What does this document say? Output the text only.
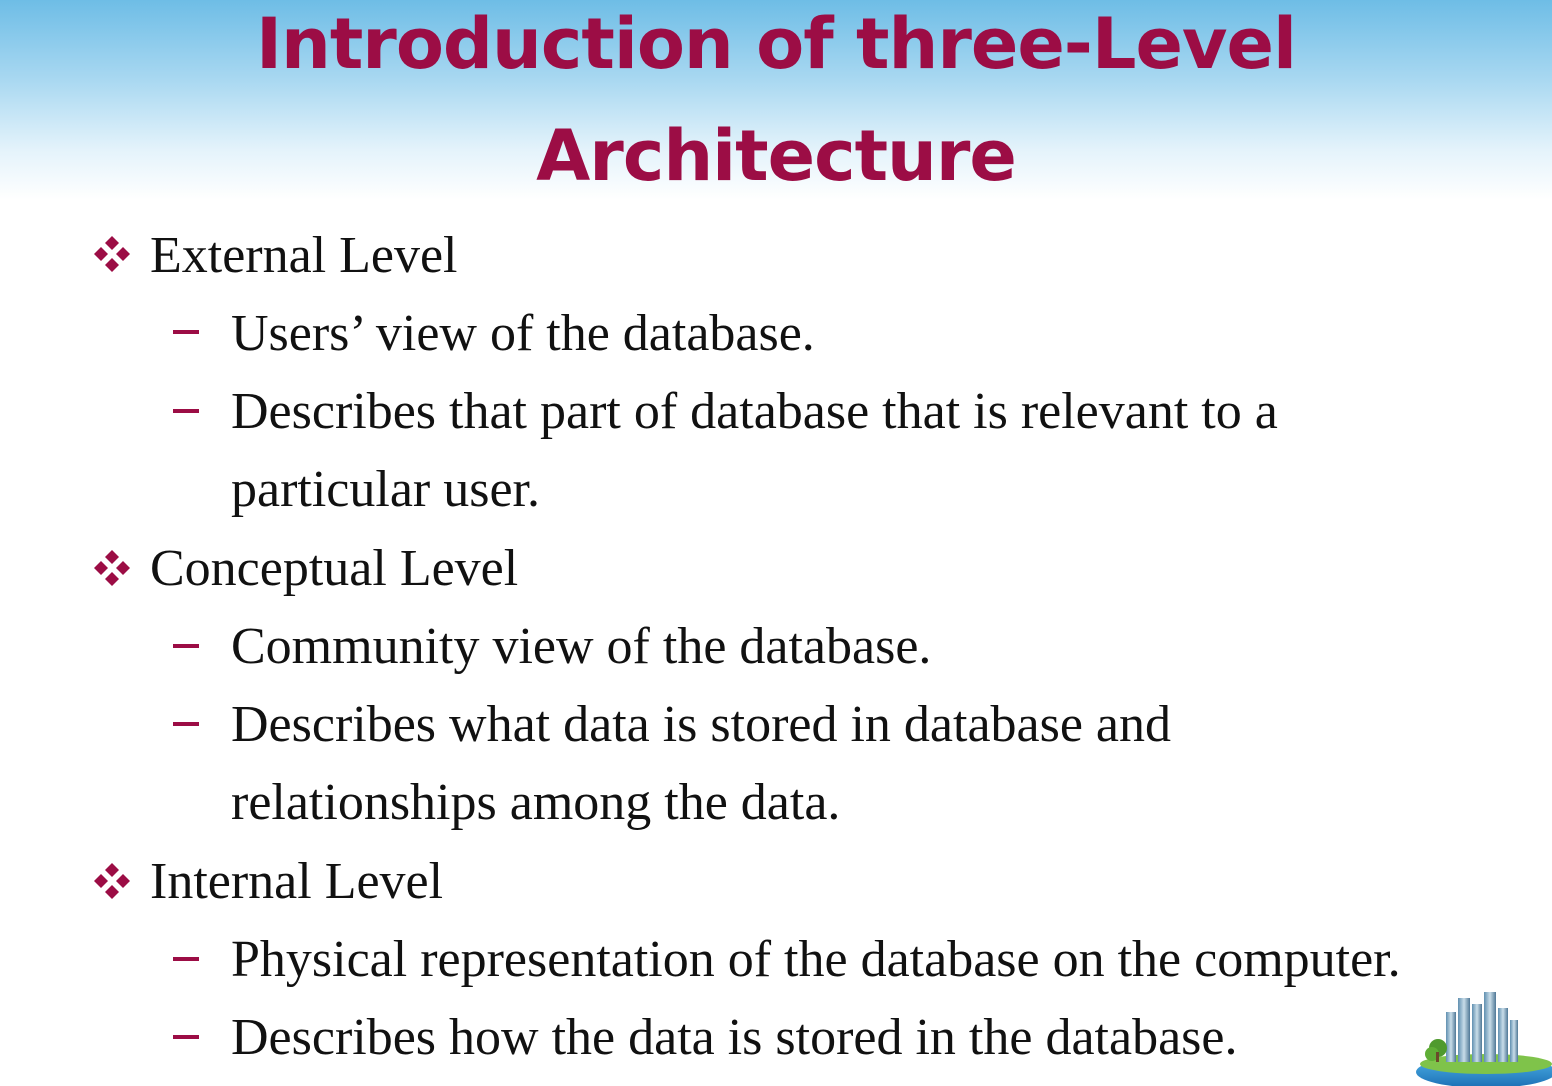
Introduction of three-Level
Architecture
External Level
Users’ view of the database.
Describes that part of database that is relevant to a
particular user.
Conceptual Level
Community view of the database.
Describes what data is stored in database and
relationships among the data.
Internal Level
Physical representation of the database on the computer.
Describes how the data is stored in the database.
